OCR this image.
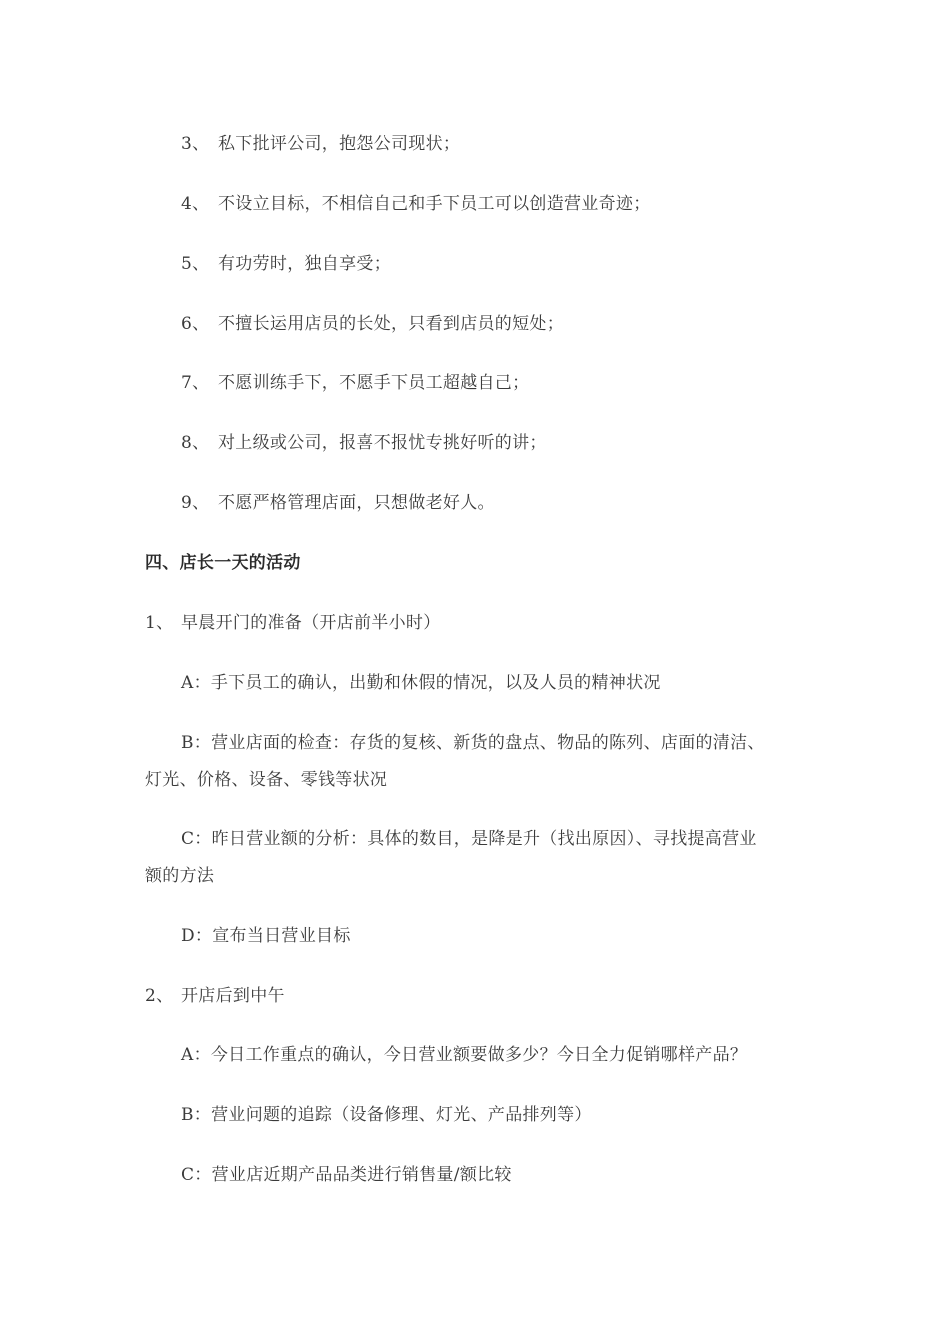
3、 私下批评公司，抱怨公司现状；
4、 不设立目标，不相信自己和手下员工可以创造营业奇迹；
5、 有功劳时，独自享受；
6、 不擅长运用店员的长处，只看到店员的短处；
7、 不愿训练手下，不愿手下员工超越自己；
8、 对上级或公司，报喜不报忧专挑好听的讲；
9、 不愿严格管理店面，只想做老好人。
四、店长一天的活动
1、 早晨开门的准备（开店前半小时）
A：手下员工的确认，出勤和休假的情况，以及人员的精神状况
B：营业店面的检查：存货的复核、新货的盘点、物品的陈列、店面的清洁、
灯光、价格、设备、零钱等状况
C：昨日营业额的分析：具体的数目，是降是升（找出原因）、寻找提高营业
额的方法
D：宣布当日营业目标
2、 开店后到中午
A：今日工作重点的确认，今日营业额要做多少？今日全力促销哪样产品？
B：营业问题的追踪（设备修理、灯光、产品排列等）
C：营业店近期产品品类进行销售量/额比较
